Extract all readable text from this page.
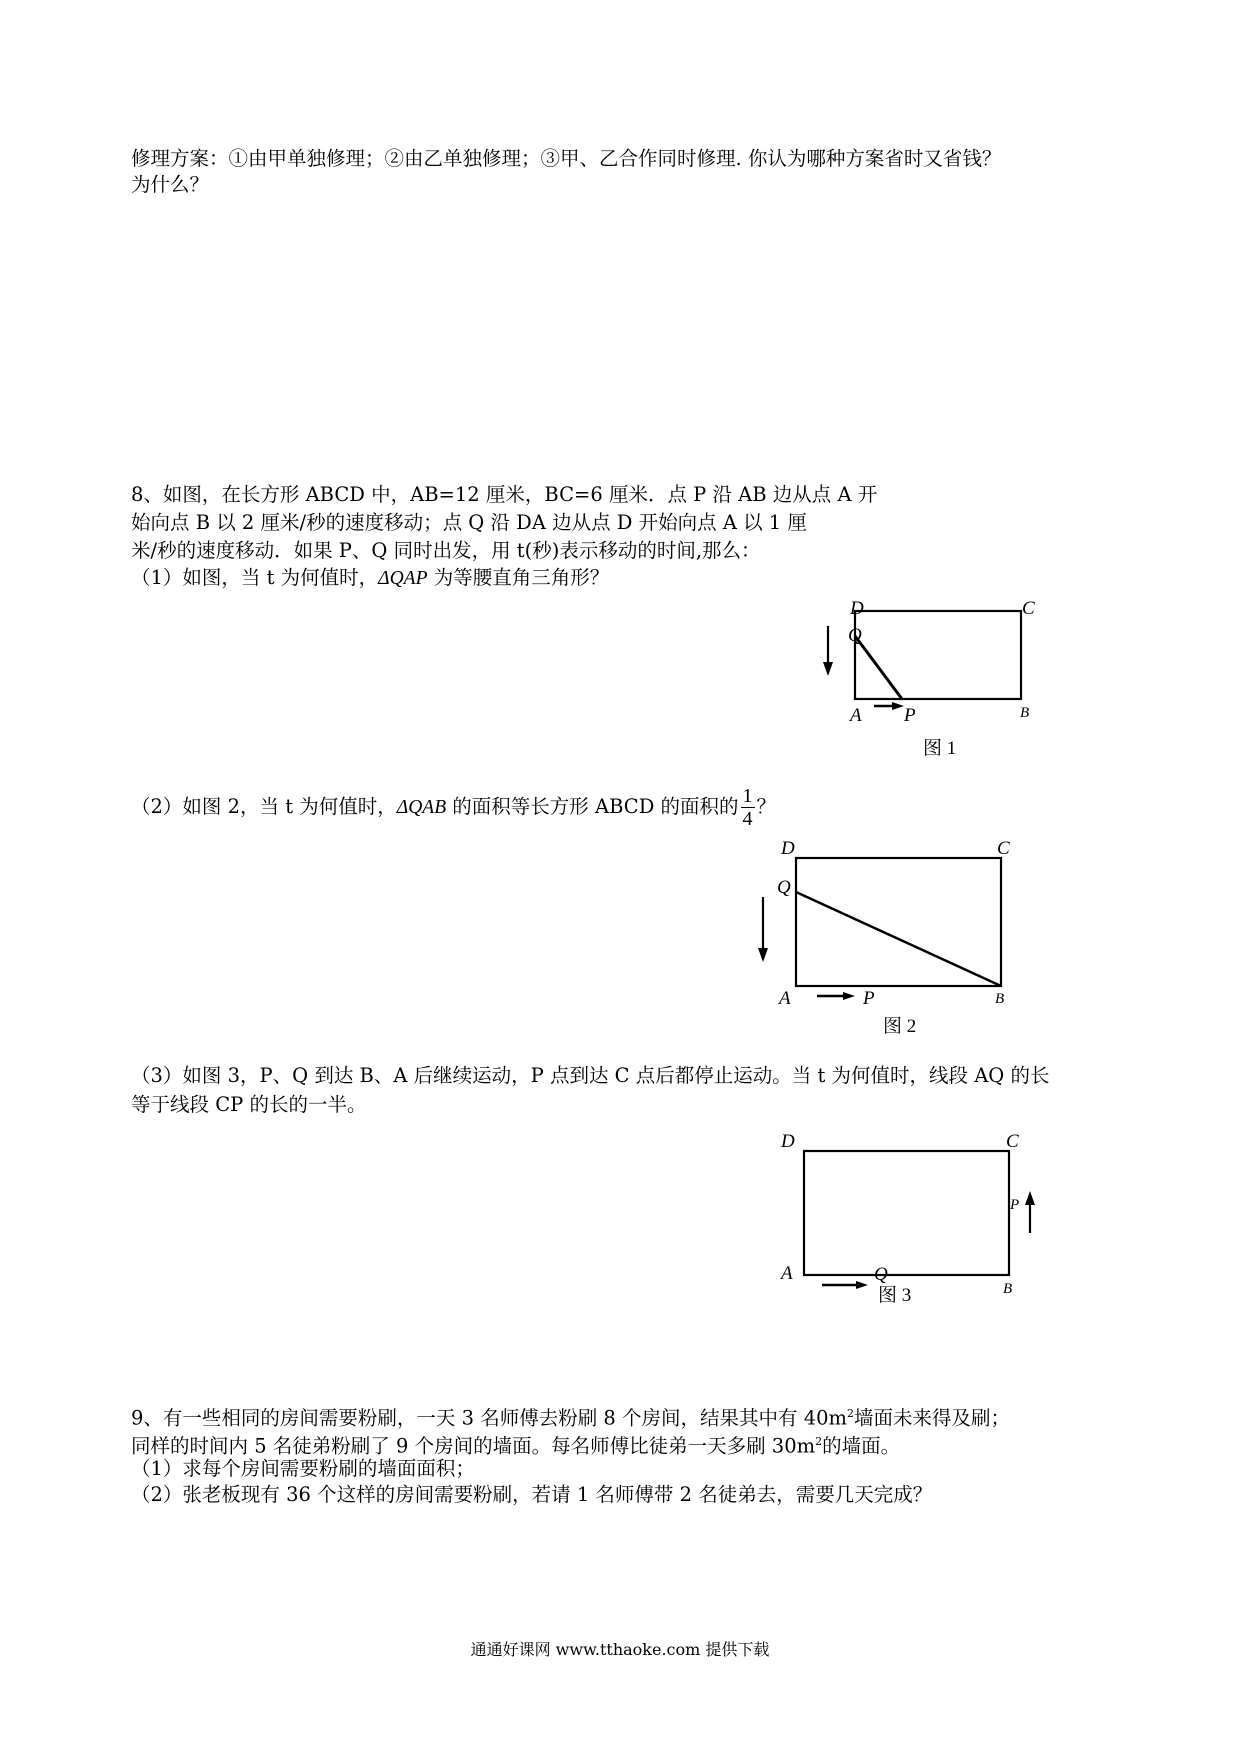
修理方案：①由甲单独修理；②由乙单独修理；③甲、乙合作同时修理. 你认为哪种方案省时又省钱？
为什么？
8、如图，在长方形 ABCD 中，AB=12 厘米，BC=6 厘米．点 P 沿 AB 边从点 A 开
始向点 B 以 2 厘米/秒的速度移动；点 Q 沿 DA 边从点 D 开始向点 A 以 1 厘
米/秒的速度移动．如果 P、Q 同时出发，用 t(秒)表示移动的时间,那么：
（1）如图，当 t 为何值时，ΔQAP 为等腰直角三角形？
D	C
Q
A P	B
图 1
（2）如图 2，当 t 为何值时，ΔQAB 的面积等长方形 ABCD 的面积的 $\frac{1}{4}$ ？
D	C
Q
A	P	B
图 2
（3）如图 3，P、Q 到达 B、A 后继续运动，P 点到达 C 点后都停止运动。当 t 为何值时，线段 AQ 的长
等于线段 CP 的长的一半。
D	C
P
A	Q
B
图 3
9、有一些相同的房间需要粉刷，一天 3 名师傅去粉刷 8 个房间，结果其中有 $40m^2$墙面未来得及刷；
同样的时间内 5 名徒弟粉刷了 9 个房间的墙面。每名师傅比徒弟一天多刷 $30m^2$的墙面。
（1）求每个房间需要粉刷的墙面面积；
（2）张老板现有 36 个这样的房间需要粉刷，若请 1 名师傅带 2 名徒弟去，需要几天完成？
通通好课网 www.tthaoke.com 提供下载
